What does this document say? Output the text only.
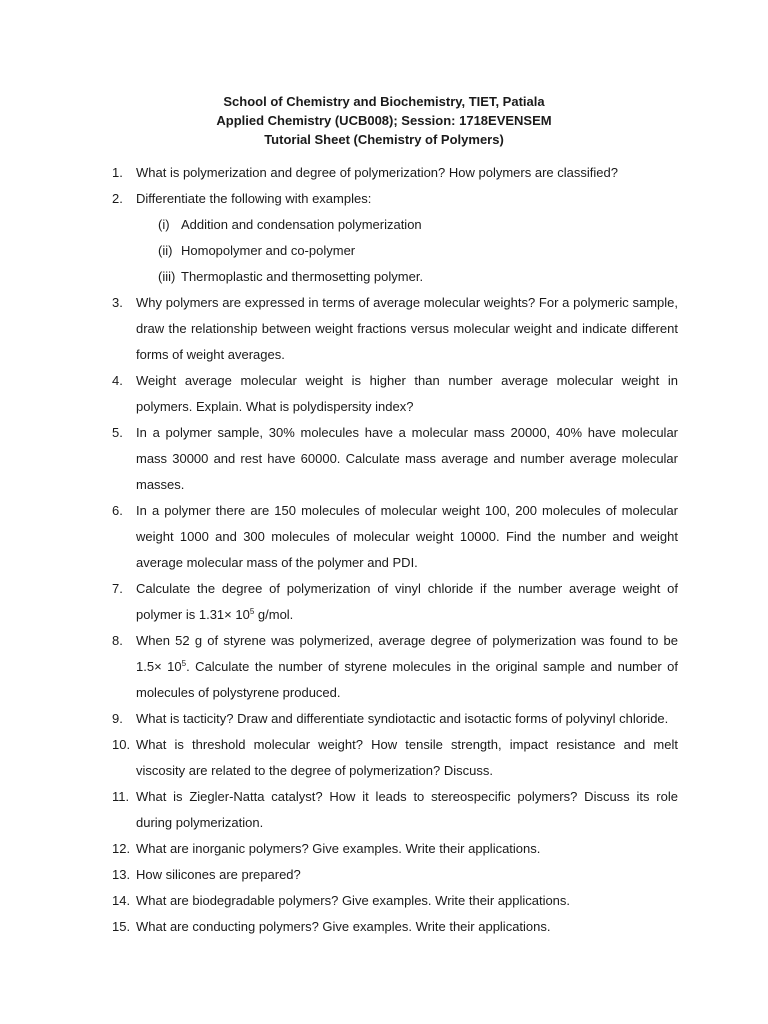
School of Chemistry and Biochemistry, TIET, Patiala
Applied Chemistry (UCB008); Session: 1718EVENSEM
Tutorial Sheet (Chemistry of Polymers)
1.	What is polymerization and degree of polymerization? How polymers are classified?
2.	Differentiate the following with examples:
(i) Addition and condensation polymerization
(ii) Homopolymer and co-polymer
(iii) Thermoplastic and thermosetting polymer.
3.	Why polymers are expressed in terms of average molecular weights? For a polymeric sample, draw the relationship between weight fractions versus molecular weight and indicate different forms of weight averages.
4.	Weight average molecular weight is higher than number average molecular weight in polymers. Explain. What is polydispersity index?
5.	In a polymer sample, 30% molecules have a molecular mass 20000, 40% have molecular mass 30000 and rest have 60000. Calculate mass average and number average molecular masses.
6.	In a polymer there are 150 molecules of molecular weight 100, 200 molecules of molecular weight 1000 and 300 molecules of molecular weight 10000. Find the number and weight average molecular mass of the polymer and PDI.
7.	Calculate the degree of polymerization of vinyl chloride if the number average weight of polymer is $1.31\times 10^5$ g/mol.
8.	When 52 g of styrene was polymerized, average degree of polymerization was found to be $1.5\times 10^5$. Calculate the number of styrene molecules in the original sample and number of molecules of polystyrene produced.
9.	What is tacticity? Draw and differentiate syndiotactic and isotactic forms of polyvinyl chloride.
10. What is threshold molecular weight? How tensile strength, impact resistance and melt viscosity are related to the degree of polymerization? Discuss.
11. What is Ziegler-Natta catalyst? How it leads to stereospecific polymers? Discuss its role during polymerization.
12. What are inorganic polymers? Give examples. Write their applications.
13. How silicones are prepared?
14. What are biodegradable polymers? Give examples. Write their applications.
15. What are conducting polymers? Give examples. Write their applications.
